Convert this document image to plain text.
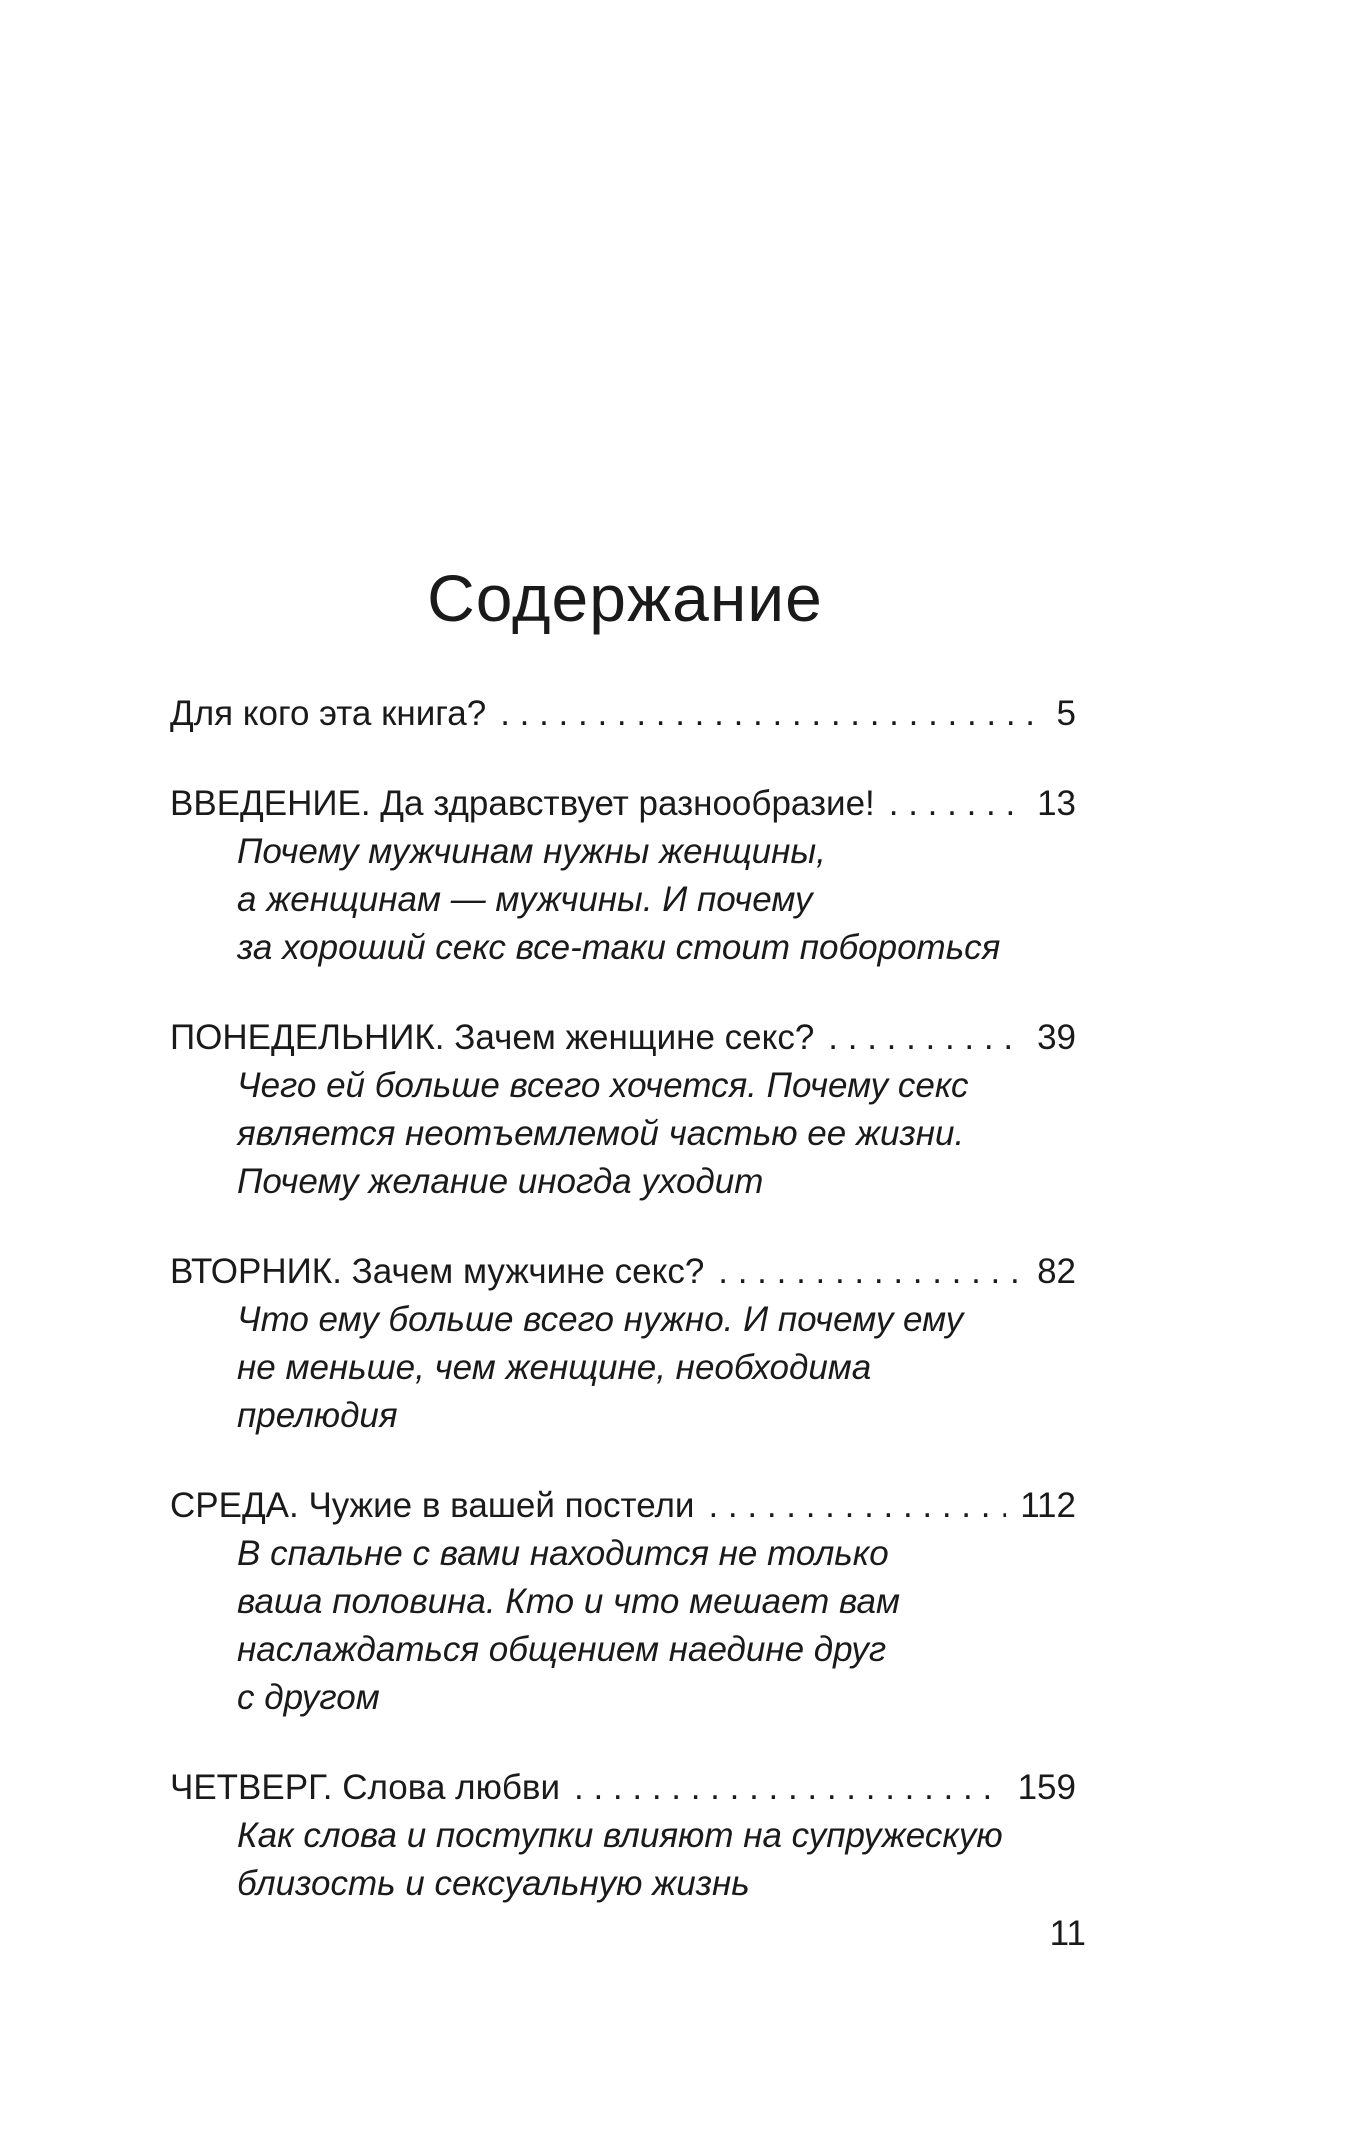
Содержание
Для кого эта книга? . . .	5
ВВЕДЕНИЕ. Да здравствует разнообразие! . . .	13
Почему мужчинам нужны женщины,
а женщинам — мужчины. И почему
за хороший секс все-таки стоит побороться
ПОНЕДЕЛЬНИК. Зачем женщине секс? . . .	39
Чего ей больше всего хочется. Почему секс
является неотъемлемой частью ее жизни.
Почему желание иногда уходит
ВТОРНИК. Зачем мужчине секс? . . .	82
Что ему больше всего нужно. И почему ему
не меньше, чем женщине, необходима
прелюдия
СРЕДА. Чужие в вашей постели . . .	112
В спальне с вами находится не только
ваша половина. Кто и что мешает вам
наслаждаться общением наедине друг
с другом
ЧЕТВЕРГ. Слова любви . . .	159
Как слова и поступки влияют на супружескую
близость и сексуальную жизнь
11
